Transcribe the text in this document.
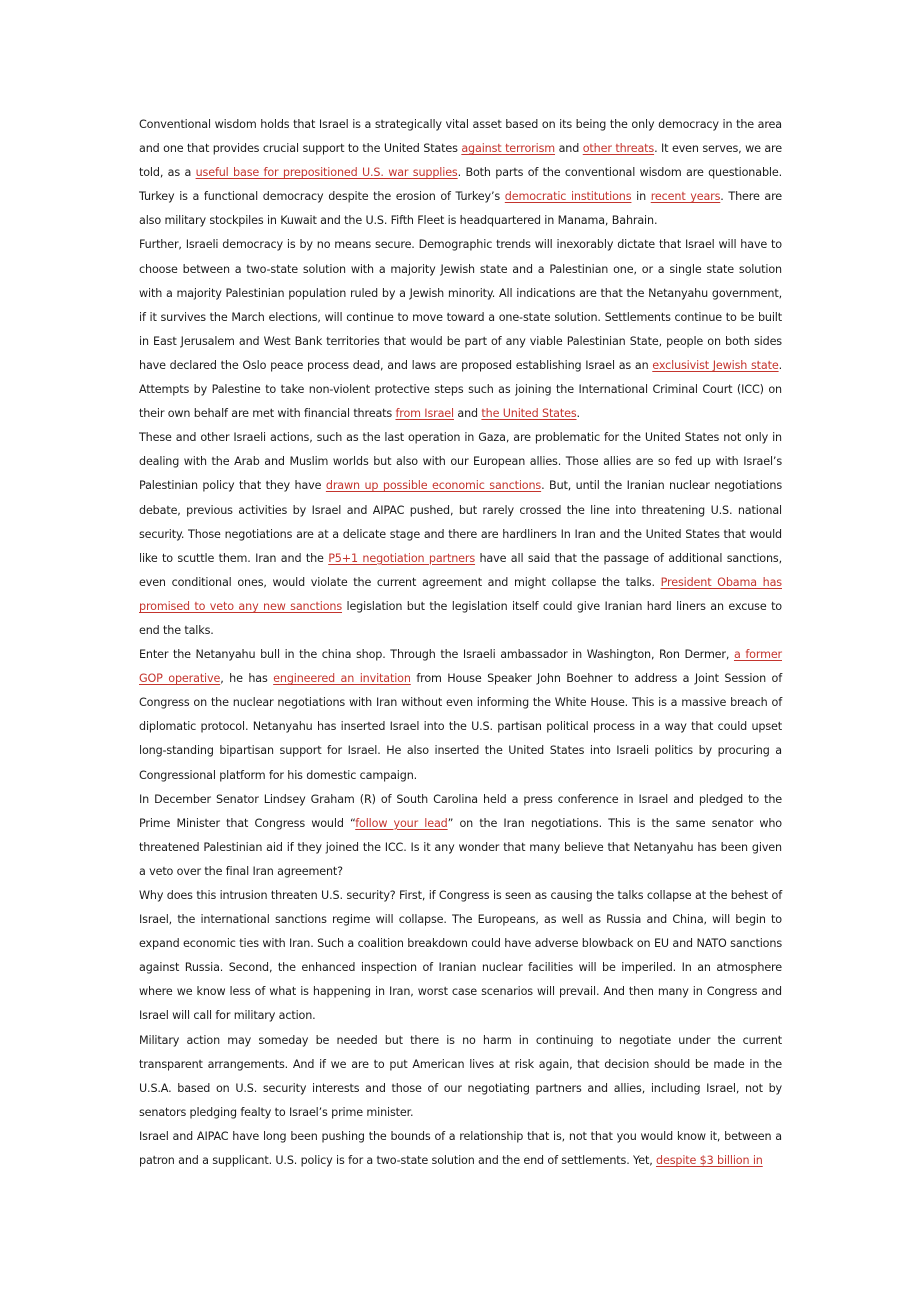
Conventional wisdom holds that Israel is a strategically vital asset based on its being the only democracy in the area and one that provides crucial support to the United States against terrorism and other threats. It even serves, we are told, as a useful base for prepositioned U.S. war supplies. Both parts of the conventional wisdom are questionable. Turkey is a functional democracy despite the erosion of Turkey’s democratic institutions in recent years. There are also military stockpiles in Kuwait and the U.S. Fifth Fleet is headquartered in Manama, Bahrain.

Further, Israeli democracy is by no means secure. Demographic trends will inexorably dictate that Israel will have to choose between a two-state solution with a majority Jewish state and a Palestinian one, or a single state solution with a majority Palestinian population ruled by a Jewish minority. All indications are that the Netanyahu government, if it survives the March elections, will continue to move toward a one-state solution. Settlements continue to be built in East Jerusalem and West Bank territories that would be part of any viable Palestinian State, people on both sides have declared the Oslo peace process dead, and laws are proposed establishing Israel as an exclusivist Jewish state. Attempts by Palestine to take non-violent protective steps such as joining the International Criminal Court (ICC) on their own behalf are met with financial threats from Israel and the United States.

These and other Israeli actions, such as the last operation in Gaza, are problematic for the United States not only in dealing with the Arab and Muslim worlds but also with our European allies. Those allies are so fed up with Israel’s Palestinian policy that they have drawn up possible economic sanctions. But, until the Iranian nuclear negotiations debate, previous activities by Israel and AIPAC pushed, but rarely crossed the line into threatening U.S. national security. Those negotiations are at a delicate stage and there are hardliners In Iran and the United States that would like to scuttle them. Iran and the P5+1 negotiation partners have all said that the passage of additional sanctions, even conditional ones, would violate the current agreement and might collapse the talks. President Obama has promised to veto any new sanctions legislation but the legislation itself could give Iranian hard liners an excuse to end the talks.

Enter the Netanyahu bull in the china shop. Through the Israeli ambassador in Washington, Ron Dermer, a former GOP operative, he has engineered an invitation from House Speaker John Boehner to address a Joint Session of Congress on the nuclear negotiations with Iran without even informing the White House. This is a massive breach of diplomatic protocol. Netanyahu has inserted Israel into the U.S. partisan political process in a way that could upset long-standing bipartisan support for Israel. He also inserted the United States into Israeli politics by procuring a Congressional platform for his domestic campaign.

In December Senator Lindsey Graham (R) of South Carolina held a press conference in Israel and pledged to the Prime Minister that Congress would “follow your lead” on the Iran negotiations. This is the same senator who threatened Palestinian aid if they joined the ICC. Is it any wonder that many believe that Netanyahu has been given a veto over the final Iran agreement?

Why does this intrusion threaten U.S. security? First, if Congress is seen as causing the talks collapse at the behest of Israel, the international sanctions regime will collapse. The Europeans, as well as Russia and China, will begin to expand economic ties with Iran. Such a coalition breakdown could have adverse blowback on EU and NATO sanctions against Russia. Second, the enhanced inspection of Iranian nuclear facilities will be imperiled. In an atmosphere where we know less of what is happening in Iran, worst case scenarios will prevail. And then many in Congress and Israel will call for military action.

Military action may someday be needed but there is no harm in continuing to negotiate under the current transparent arrangements. And if we are to put American lives at risk again, that decision should be made in the U.S.A. based on U.S. security interests and those of our negotiating partners and allies, including Israel, not by senators pledging fealty to Israel’s prime minister.

Israel and AIPAC have long been pushing the bounds of a relationship that is, not that you would know it, between a patron and a supplicant. U.S. policy is for a two-state solution and the end of settlements. Yet, despite $3 billion in
